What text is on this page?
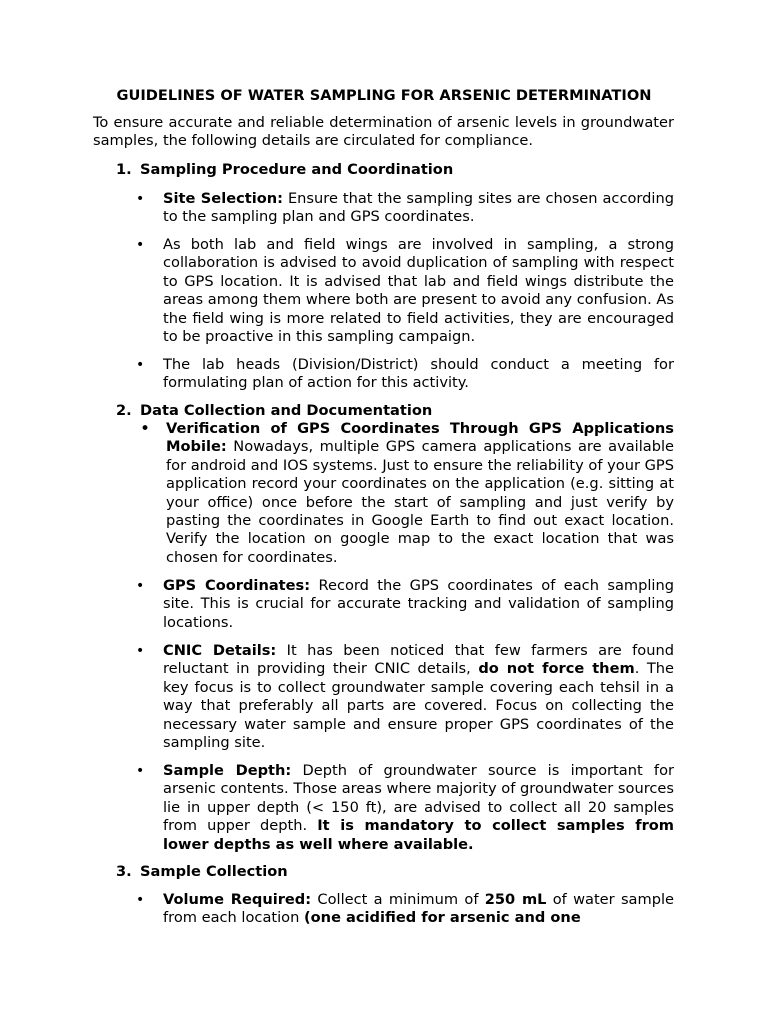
GUIDELINES OF WATER SAMPLING FOR ARSENIC DETERMINATION
To ensure accurate and reliable determination of arsenic levels in groundwater samples, the following details are circulated for compliance.
1. Sampling Procedure and Coordination
• Site Selection: Ensure that the sampling sites are chosen according to the sampling plan and GPS coordinates.
• As both lab and field wings are involved in sampling, a strong collaboration is advised to avoid duplication of sampling with respect to GPS location. It is advised that lab and field wings distribute the areas among them where both are present to avoid any confusion. As the field wing is more related to field activities, they are encouraged to be proactive in this sampling campaign.
• The lab heads (Division/District) should conduct a meeting for formulating plan of action for this activity.
2. Data Collection and Documentation
• Verification of GPS Coordinates Through GPS Applications Mobile: Nowadays, multiple GPS camera applications are available for android and IOS systems. Just to ensure the reliability of your GPS application record your coordinates on the application (e.g. sitting at your office) once before the start of sampling and just verify by pasting the coordinates in Google Earth to find out exact location. Verify the location on google map to the exact location that was chosen for coordinates.
• GPS Coordinates: Record the GPS coordinates of each sampling site. This is crucial for accurate tracking and validation of sampling locations.
• CNIC Details: It has been noticed that few farmers are found reluctant in providing their CNIC details, do not force them. The key focus is to collect groundwater sample covering each tehsil in a way that preferably all parts are covered. Focus on collecting the necessary water sample and ensure proper GPS coordinates of the sampling site.
• Sample Depth: Depth of groundwater source is important for arsenic contents. Those areas where majority of groundwater sources lie in upper depth (< 150 ft), are advised to collect all 20 samples from upper depth. It is mandatory to collect samples from lower depths as well where available.
3. Sample Collection
• Volume Required: Collect a minimum of 250 mL of water sample from each location (one acidified for arsenic and one
